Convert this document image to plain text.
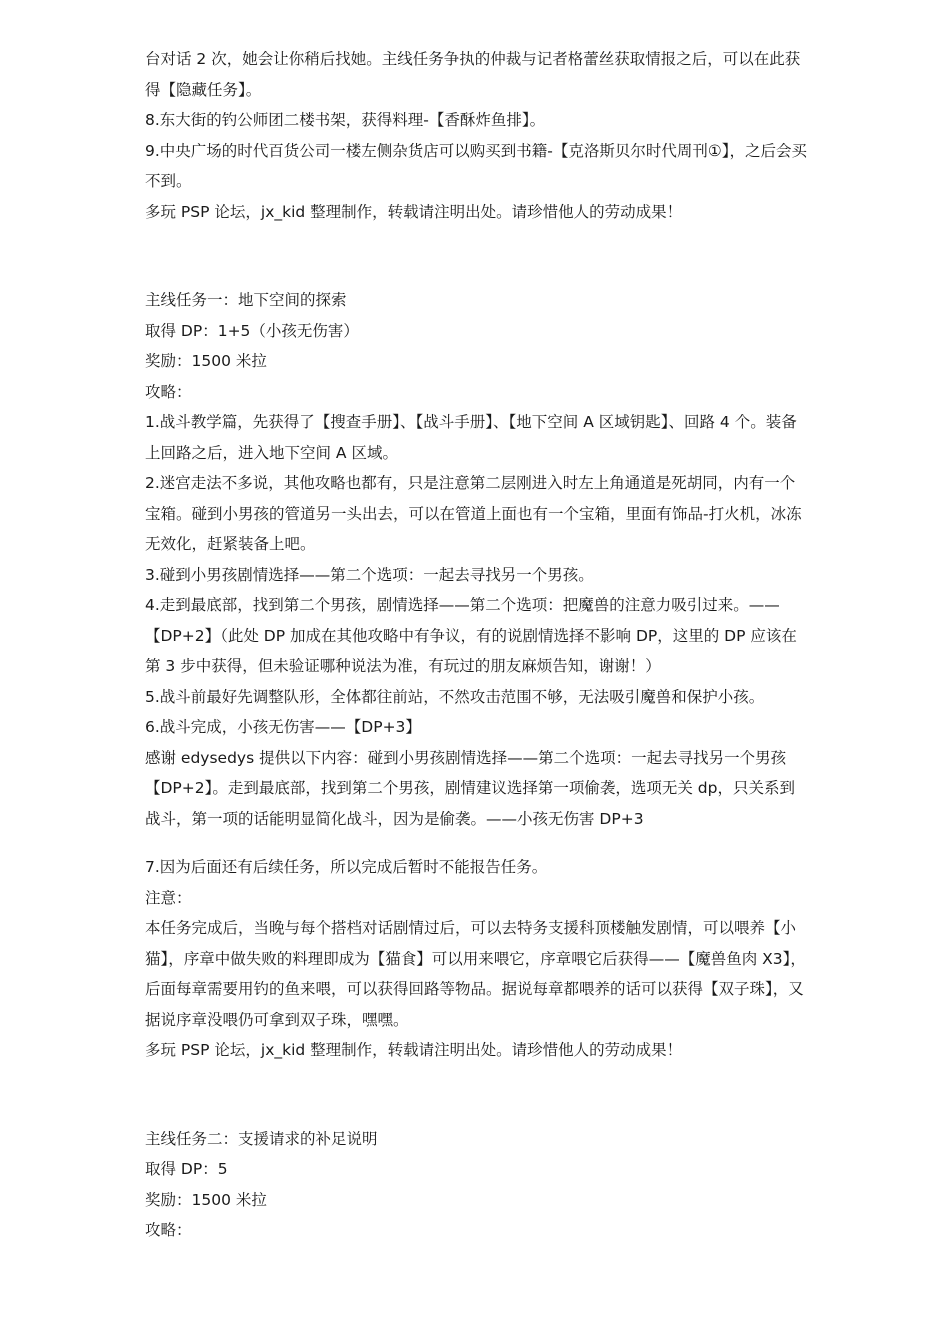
台对话 2 次，她会让你稍后找她。主线任务争执的仲裁与记者格蕾丝获取情报之后，可以在此获得【隐藏任务】。

8.东大街的钓公师团二楼书架，获得料理-【香酥炸鱼排】。

9.中央广场的时代百货公司一楼左侧杂货店可以购买到书籍-【克洛斯贝尔时代周刊①】，之后会买不到。

多玩 PSP 论坛，jx_kid 整理制作，转载请注明出处。请珍惜他人的劳动成果！

主线任务一：地下空间的探索

取得 DP：1+5（小孩无伤害）

奖励：1500 米拉

攻略：

1.战斗教学篇，先获得了【搜查手册】、【战斗手册】、【地下空间 A 区域钥匙】、回路 4 个。装备上回路之后，进入地下空间 A 区域。

2.迷宫走法不多说，其他攻略也都有，只是注意第二层刚进入时左上角通道是死胡同，内有一个宝箱。碰到小男孩的管道另一头出去，可以在管道上面也有一个宝箱，里面有饰品-打火机，冰冻无效化，赶紧装备上吧。

3.碰到小男孩剧情选择——第二个选项：一起去寻找另一个男孩。

4.走到最底部，找到第二个男孩，剧情选择——第二个选项：把魔兽的注意力吸引过来。——【DP+2】（此处 DP 加成在其他攻略中有争议，有的说剧情选择不影响 DP，这里的 DP 应该在第 3 步中获得，但未验证哪种说法为准，有玩过的朋友麻烦告知，谢谢！）

5.战斗前最好先调整队形，全体都往前站，不然攻击范围不够，无法吸引魔兽和保护小孩。

6.战斗完成，小孩无伤害——【DP+3】

感谢 edysedys 提供以下内容：碰到小男孩剧情选择——第二个选项：一起去寻找另一个男孩【DP+2】。走到最底部，找到第二个男孩，剧情建议选择第一项偷袭，选项无关 dp，只关系到战斗，第一项的话能明显简化战斗，因为是偷袭。——小孩无伤害 DP+3

7.因为后面还有后续任务，所以完成后暂时不能报告任务。

注意：

本任务完成后，当晚与每个搭档对话剧情过后，可以去特务支援科顶楼触发剧情，可以喂养【小猫】，序章中做失败的料理即成为【猫食】可以用来喂它，序章喂它后获得——【魔兽鱼肉 X3】，后面每章需要用钓的鱼来喂，可以获得回路等物品。据说每章都喂养的话可以获得【双子珠】，又据说序章没喂仍可拿到双子珠，嘿嘿。

多玩 PSP 论坛，jx_kid 整理制作，转载请注明出处。请珍惜他人的劳动成果！

主线任务二：支援请求的补足说明

取得 DP：5

奖励：1500 米拉

攻略：
